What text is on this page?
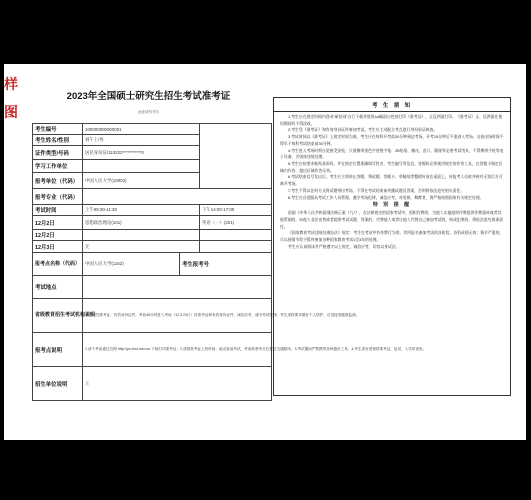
样
图
2023年全国硕士研究生招生考试准考证
此处请勿书写
考生编号	100000000000001		
考生姓名/性别	刘午上/男		
证件类型/号码	居民身份证/110222***********0		
学习工作单位			
报考单位（代码）	中国人民大学(10002)		
报考专业（代码）			
考试时间	上午08:30-11:30		下午14:00-17:00
12月2日	思想政治理论(101)		英语（一）(201)
12月2日			
12月3日	无		
报考点名称（代码）	中国人民大学(1162)	考生报考号	
考试地点			
省级教育招生考试机构说明	考生须凭准考证、有效身份证件，考前45分钟进入考场（12月23日）持准考证和有效身份证件，诚信应考，遵守考试纪律。考生须按要求做好个人防护，自觉接受健康监测。		
报考点说明	1.请于考前通过官网 http://yz.chsi.com.cn 下载打印准考证；2.请按准考证上的时间、地点参加考试，考前熟悉考点位置及交通路线；3.考试期间严禁携带各种通讯工具；4.考生须妥善保管准考证，复试、入学时查验。		
招生单位说明	无		
考 生 须 知

1.考生应在规定时间内登录“研招网”自行下载并使用A4幅面白色纸打印《准考证》，正反两面打印。《准考证》正、反两面在使用期间均不得涂改。

2.考生凭《准考证》和有效身份证件参加考试。考生应主动配合考点进行身份验证核查。

3.考试时间以《准考证》上规定时间为准。考生应在每科开考前20分钟到达考场，开考15分钟后不准进入考场。交卷出场时间不得早于每科考试结束前30分钟。

4.考生进入考场时须自觉接受安检，只准携带黑色字迹签字笔、2B铅笔、橡皮、直尺、圆规等必要考试用具，不得携带手机等电子设备，否则按违规处理。

5.考生应按要求粘贴条形码，并在规定位置准确填写姓名、考生编号等信息。答题时必须使用规定的作答工具，在答题卡指定区域内作答，超出区域作答无效。

6.考试结束信号发出后，考生应立即停止答题，将试题、答题卡、草稿纸等整理好放在桌面上，待监考人员收齐核对无误后方可离开考场。

7.考生不得以任何方式将试题带出考场，不得在考试结束前传播试题及答案，否则将依法追究相关责任。

8.考生应自觉服从考试工作人员管理，遵守考场纪律，诚信应考。对违规、舞弊者，将严格按照国家有关规定处理。

特 别 提 醒

依据《中华人民共和国刑法修正案（九）》，在法律规定的国家考试中，组织作弊的，为他人实施组织作弊提供作弊器材或者其他帮助的，向他人非法出售或者提供考试试题、答案的，代替他人或者让他人代替自己参加考试的，构成犯罪的，将依法追究刑事责任。

《国家教育考试违规处理办法》规定：考生在考试中有作弊行为的，其所报名参加考试的各阶段、各科成绩无效；情节严重的，可以视情节给予暂停参加各种国家教育考试1至3年的处理。

考生应认真阅读并严格遵守以上规定，诚信应考，切勿以身试法。
